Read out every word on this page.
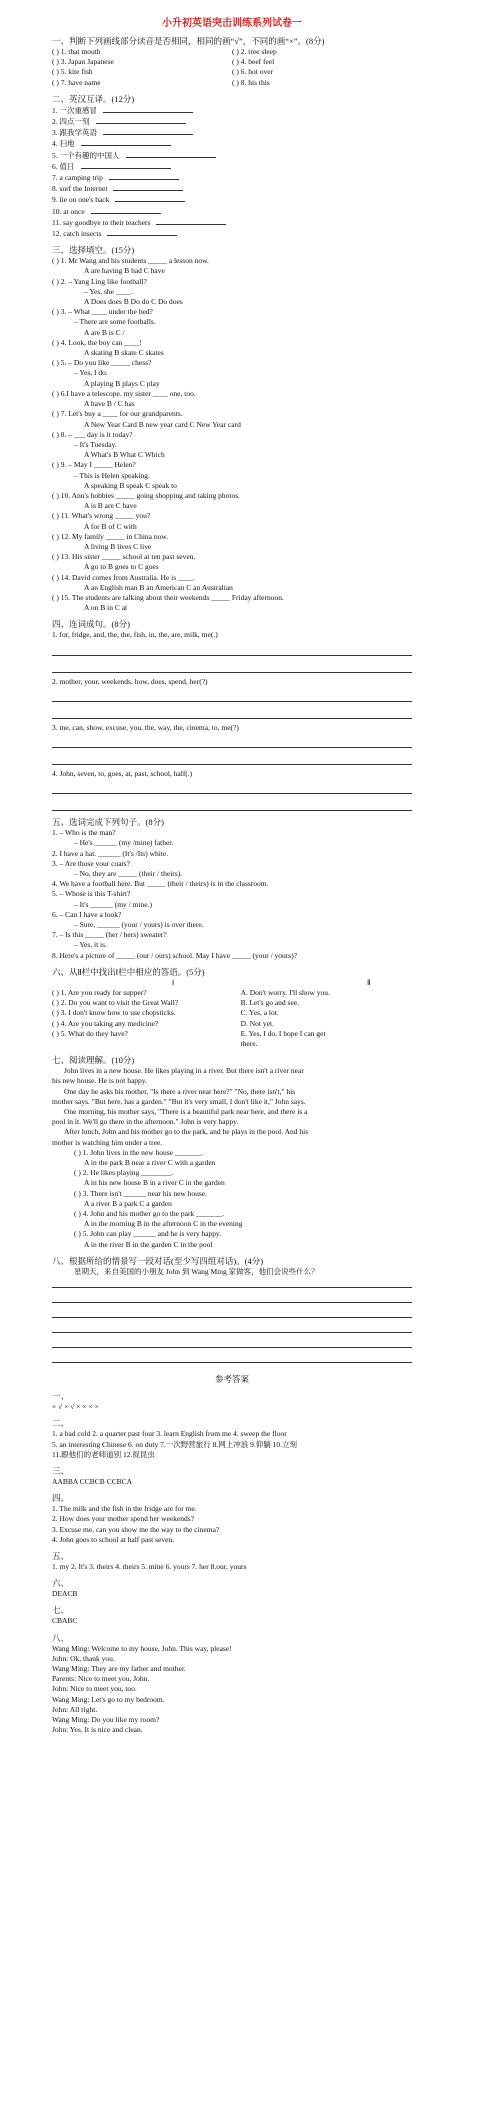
小升初英语突击训练系列试卷一
一、判断下列画线部分读音是否相同，相同的画“√”，不同的画“×”。(8分)
( ) 1. that mouth	( ) 2. tree sleep
( ) 3. Japan Japanese	( ) 4. beef feel
( ) 5. kite fish	( ) 6. hot over
( ) 7. have name	( ) 8. his this
二、英汉互译。(12分)
1. 一次重感冒
2. 四点一刻
3. 跟我学英语
4. 扫地
5. 一个有趣的中国人
6. 值日
7. a camping trip
8. surf the Internet
9. lie on one's back
10. at once
11. say goodbye to their teachers
12. catch insects
三、选择填空。(15分)
( ) 1. Mr Wang and his students _____ a lesson now.
A are having B had C have
( ) 2. – Yang Ling like football?
– Yes, she ____.
A Does does B Do do C Do does
( ) 3. – What ____ under the bed?
– There are some footballs.
A are B is C /
( ) 4. Look, the boy can ____!
A skating B skate C skates
( ) 5. – Do you like _____ chess?
– Yes, I do.
A playing B plays C play
( ) 6.I have a telescope. my sister ____ one, too.
A have B / C has
( ) 7. Let's buy a ____ for our grandparents.
A New Year Card B new year card C New Year card
( ) 8. – ___ day is it today?
– It's Tuesday.
A What's B What C Which
( ) 9. – May I _____ Helen?
– This is Helen speaking.
A speaking B speak C speak to
( ) 10. Ann's hobbies _____ going shopping and taking photos.
A is B are C have
( ) 11. What's wrong _____ you?
A for B of C with
( ) 12. My family _____ in China now.
A living B lives C live
( ) 13. His sister _____ school at ten past seven.
A go to B goes to C goes
( ) 14. David comes from Australia. He is ____.
A an English man B an American C an Australian
( ) 15. The students are talking about their weekends _____ Friday afternoon.
A on B in C at
四、连词成句。(8分)
1. for, fridge, and, the, the, fish, in, the, are, milk, me(.)
2. mother, your, weekends, how, does, spend, her(?)
3. me, can, show, excuse, you, the, way, the, cinema, to, me(?)
4. John, seven, to, goes, at, past, school, half(.)
五、选词完成下列句子。(8分)
1. – Who is the man?
– He's ______ (my /mine) father.
2. I have a hat. ______ (It's /Its) white.
3. – Are those your coats?
– No, they are _____ (their / theirs).
4. We have a football here. But _____ (their / theirs) is in the classroom.
5. – Whose is this T-shirt?
– It's ______ (my / mine.)
6. – Can I have a look?
– Sure, ______ (your / yours) is over there.
7. – Is this _____ (her / hers) sweater?
– Yes, it is.
8. Here's a picture of _____ (our / ours) school. May I have _____ (your / yours)?
六、从Ⅱ栏中找出Ⅰ栏中相应的答语。(5分)
Ⅰ	Ⅱ
( ) 1. Are you ready for supper?	A. Don't worry. I'll show you.
( ) 2. Do you want to visit the Great Wall?	B. Let's go and see.
( ) 3. I don't know how to use chopsticks.	C. Yes, a lot.
( ) 4. Are you taking any medicine?	D. Not yet.
( ) 5. What do they have?	E. Yes, I do. I hope I can get
there.
七、阅读理解。(10分)
John lives in a new house. He likes playing in a river. But there isn't a river near
his new house. He is not happy.
One day he asks his mother, "Is there a river near here?" "No, there isn't," his
mother says. "But here, has a garden." "But it's very small, I don't like it," John says.
One morning, his mother says, "There is a beautiful park near here, and there is a
pool in it. We'll go there in the afternoon." John is very happy.
After lunch, John and his mother go to the park, and he plays in the pool. And his
mother is watching him under a tree.
( ) 1. John lives in the new house _______.
A in the park B near a river C with a garden
( ) 2. He likes playing ________.
A in his new house B in a river C in the garden
( ) 3. There isn't ______ near his new house.
A a river B a park C a garden
( ) 4. John and his mother go to the park _______.
A in the morning B in the afternoon C in the evening
( ) 5. John can play ______ and he is very happy.
A in the river B in the garden C in the pool
八、根据所给的情景写一段对话(至少写四组对话)。(4分)
星期天，来自美国的小朋友 John 到 Wang Ming 家做客，他们会说些什么？
参考答案
一、
× √ × √ × × × ×
二、
1. a bad cold 2. a quarter past four 3. learn English from me 4. sweep the floor
5. an interesting Chinese 6. on duty 7.一次野营旅行 8.网上冲浪 9.仰躺 10.立刻
11.跟他们的老师道别 12.捉昆虫
三、
AABBA CCBCB CCBCA
四、
1. The milk and the fish in the fridge are for me.
2. How does your mother spend her weekends?
3. Excuse me, can you show me the way to the cinema?
4. John goes to school at half past seven.
五、
1. my 2. It's 3. theirs 4. theirs 5. mine 6. yours 7. her 8.our, yours
六、
DEACB
七、
CBABC
八、
Wang Ming: Welcome to my house, John. This way, please!
John: Ok, thank you.
Wang Ming: They are my father and mother.
Parents: Nice to meet you, John.
John: Nice to meet you, too.
Wang Ming: Let's go to my bedroom.
John: All right.
Wang Ming: Do you like my room?
John: Yes. It is nice and clean.
